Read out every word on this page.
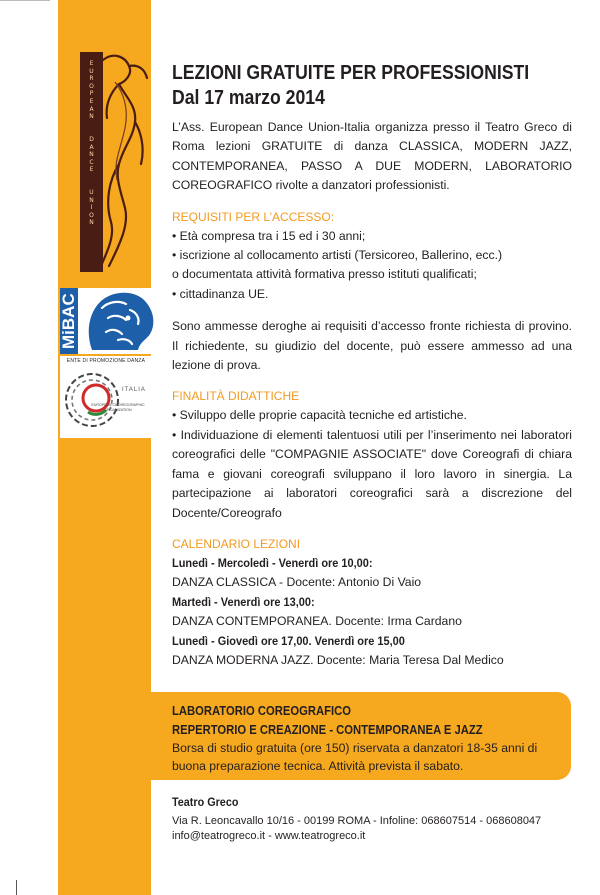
E
U
R
O
P
E
A
N

D
A
N
C
E

U
N
I
O
N
MiBAC
ENTE DI PROMOZIONE DANZA
ITALIA
EUROPEAN CHOREOGRAPHIC ORGANIZATION
LEZIONI GRATUITE PER PROFESSIONISTI
Dal 17 marzo 2014

L’Ass. European Dance Union-Italia organizza presso il Teatro Greco di Roma lezioni GRATUITE di danza CLASSICA, MODERN JAZZ, CONTEMPORANEA, PASSO A DUE MODERN, LABORATORIO COREOGRAFICO rivolte a danzatori professionisti.

REQUISITI PER L’ACCESSO:

• Età compresa tra i 15 ed i 30 anni;

• iscrizione al collocamento artisti (Tersicoreo, Ballerino, ecc.)

o documentata attività formativa presso istituti qualificati;

• cittadinanza UE.

Sono ammesse deroghe ai requisiti d’accesso fronte richiesta di provino. Il richiedente, su giudizio del docente, può essere ammesso ad una lezione di prova.

FINALITÀ DIDATTICHE

• Sviluppo delle proprie capacità tecniche ed artistiche.

• Individuazione di elementi talentuosi utili per l’inserimento nei laboratori coreografici delle "COMPAGNIE ASSOCIATE" dove Coreografi di chiara fama e giovani coreografi sviluppano il loro lavoro in sinergia. La partecipazione ai laboratori coreografici sarà a discrezione del Docente/Coreografo

CALENDARIO LEZIONI

Lunedì - Mercoledì - Venerdì ore 10,00:

DANZA CLASSICA - Docente: Antonio Di Vaio

Martedì - Venerdì ore 13,00:

DANZA CONTEMPORANEA. Docente: Irma Cardano

Lunedì - Giovedì ore 17,00. Venerdì ore 15,00

DANZA MODERNA JAZZ. Docente: Maria Teresa Dal Medico

LABORATORIO COREOGRAFICO
REPERTORIO E CREAZIONE - CONTEMPORANEA E JAZZ
Borsa di studio gratuita (ore 150) riservata a danzatori 18-35 anni di buona preparazione tecnica. Attività prevista il sabato.
Teatro Greco
Via R. Leoncavallo 10/16 - 00199 ROMA - Infoline: 068607514 - 068608047
info@teatrogreco.it - www.teatrogreco.it
